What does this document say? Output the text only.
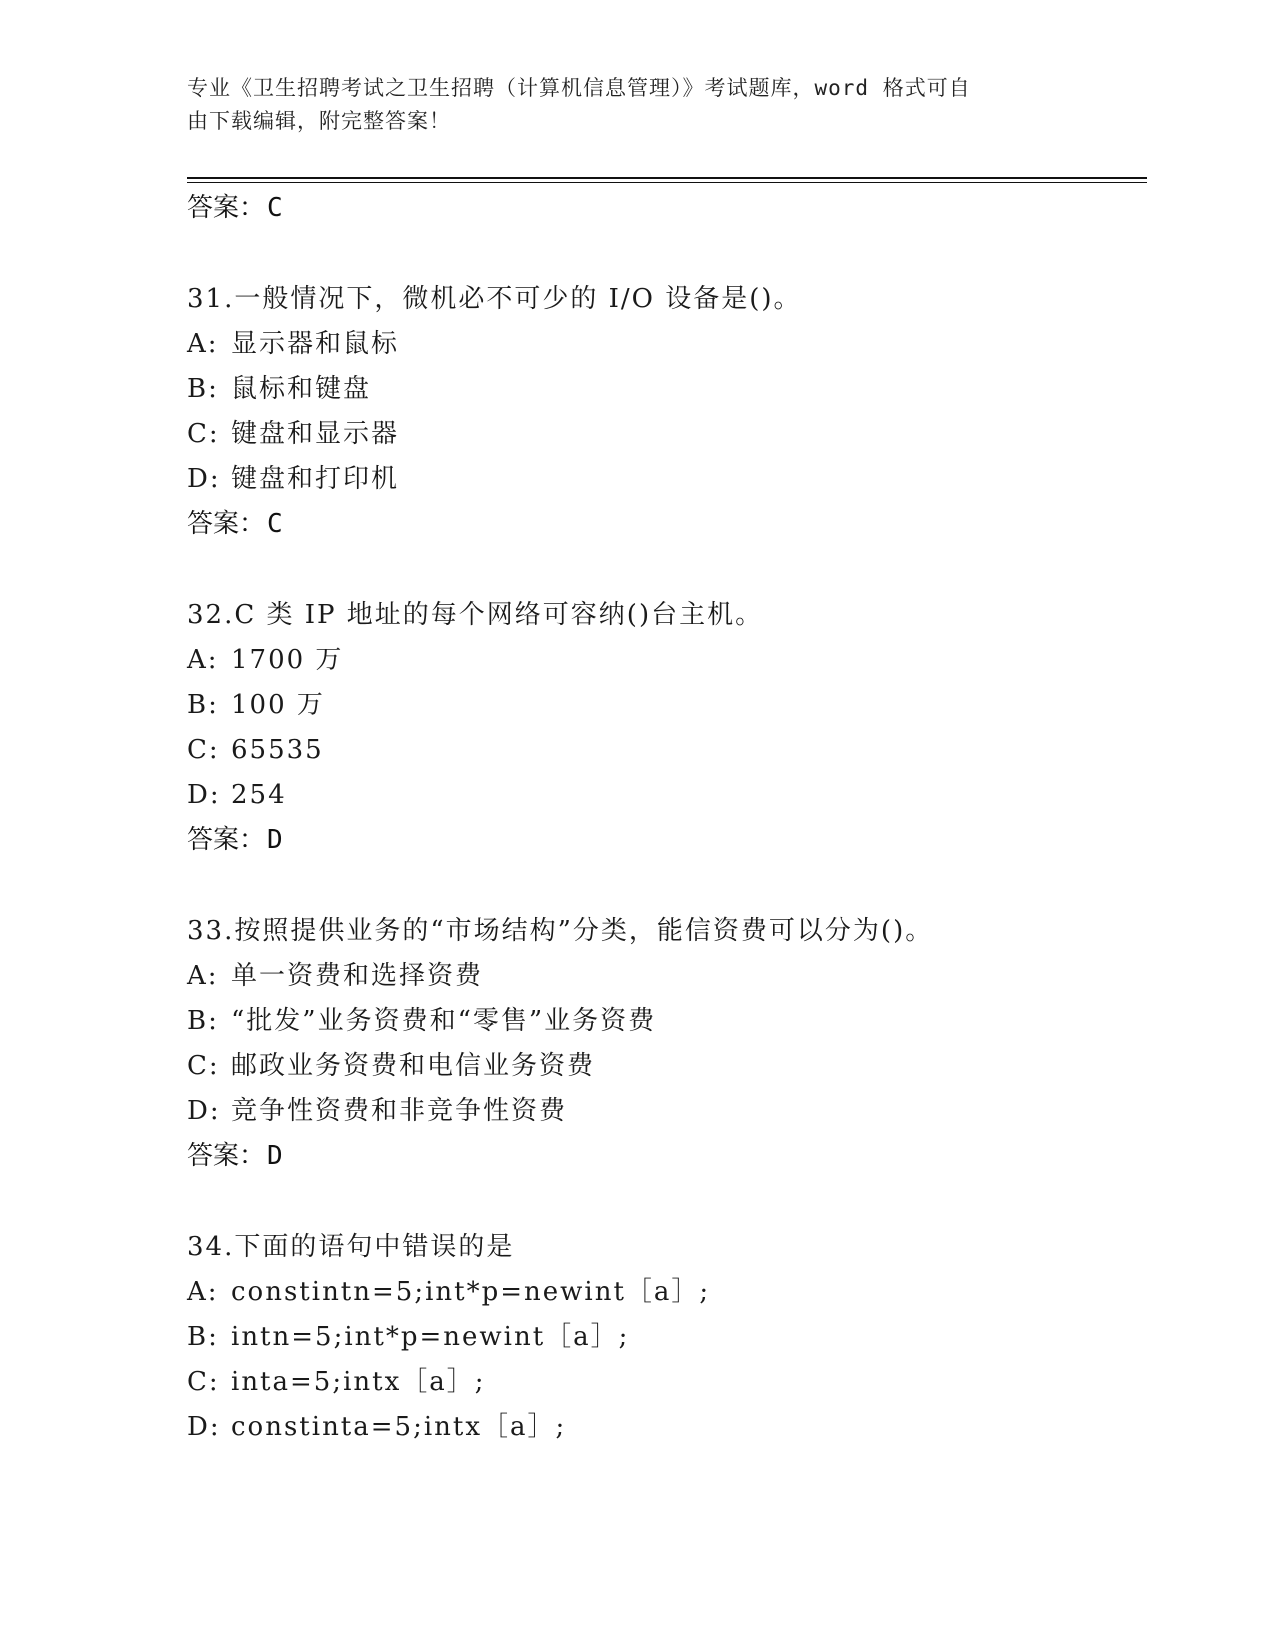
专业《卫生招聘考试之卫生招聘（计算机信息管理）》考试题库，word 格式可自
由下载编辑，附完整答案！
答案：C
31.一般情况下，微机必不可少的 I/O 设备是()。
A: 显示器和鼠标
B: 鼠标和键盘
C: 键盘和显示器
D: 键盘和打印机
答案：C
32.C 类 IP 地址的每个网络可容纳()台主机。
A: 1700 万
B: 100 万
C: 65535
D: 254
答案：D
33.按照提供业务的“市场结构”分类，能信资费可以分为()。
A: 单一资费和选择资费
B: “批发”业务资费和“零售”业务资费
C: 邮政业务资费和电信业务资费
D: 竞争性资费和非竞争性资费
答案：D
34.下面的语句中错误的是
A: constintn=5;int*p=newint［a］;
B: intn=5;int*p=newint［a］;
C: inta=5;intx［a］;
D: constinta=5;intx［a］;
